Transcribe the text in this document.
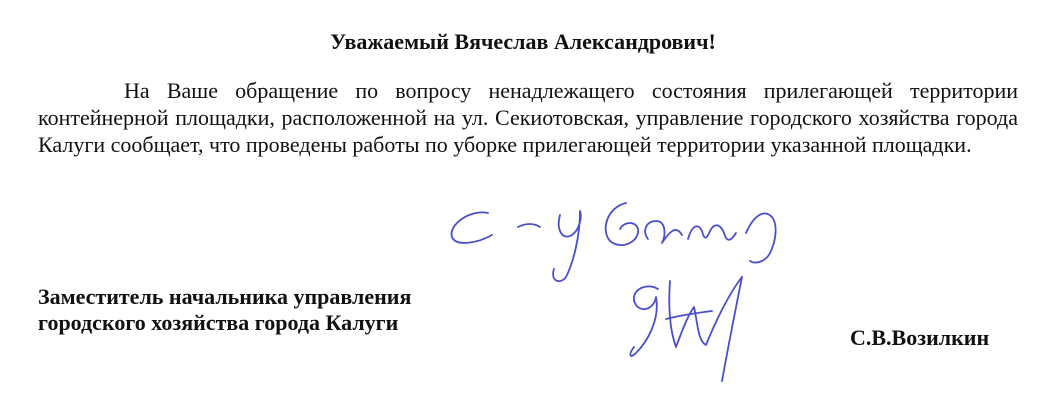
Уважаемый Вячеслав Александрович!

На Ваше обращение по вопросу ненадлежащего состояния прилегающей территории контейнерной площадки, расположенной на ул. Секиотовская, управление городского хозяйства города Калуги сообщает, что проведены работы по уборке прилегающей территории указанной площадки.

Заместитель начальника управления
городского хозяйства города Калуги
С.В.Возилкин
